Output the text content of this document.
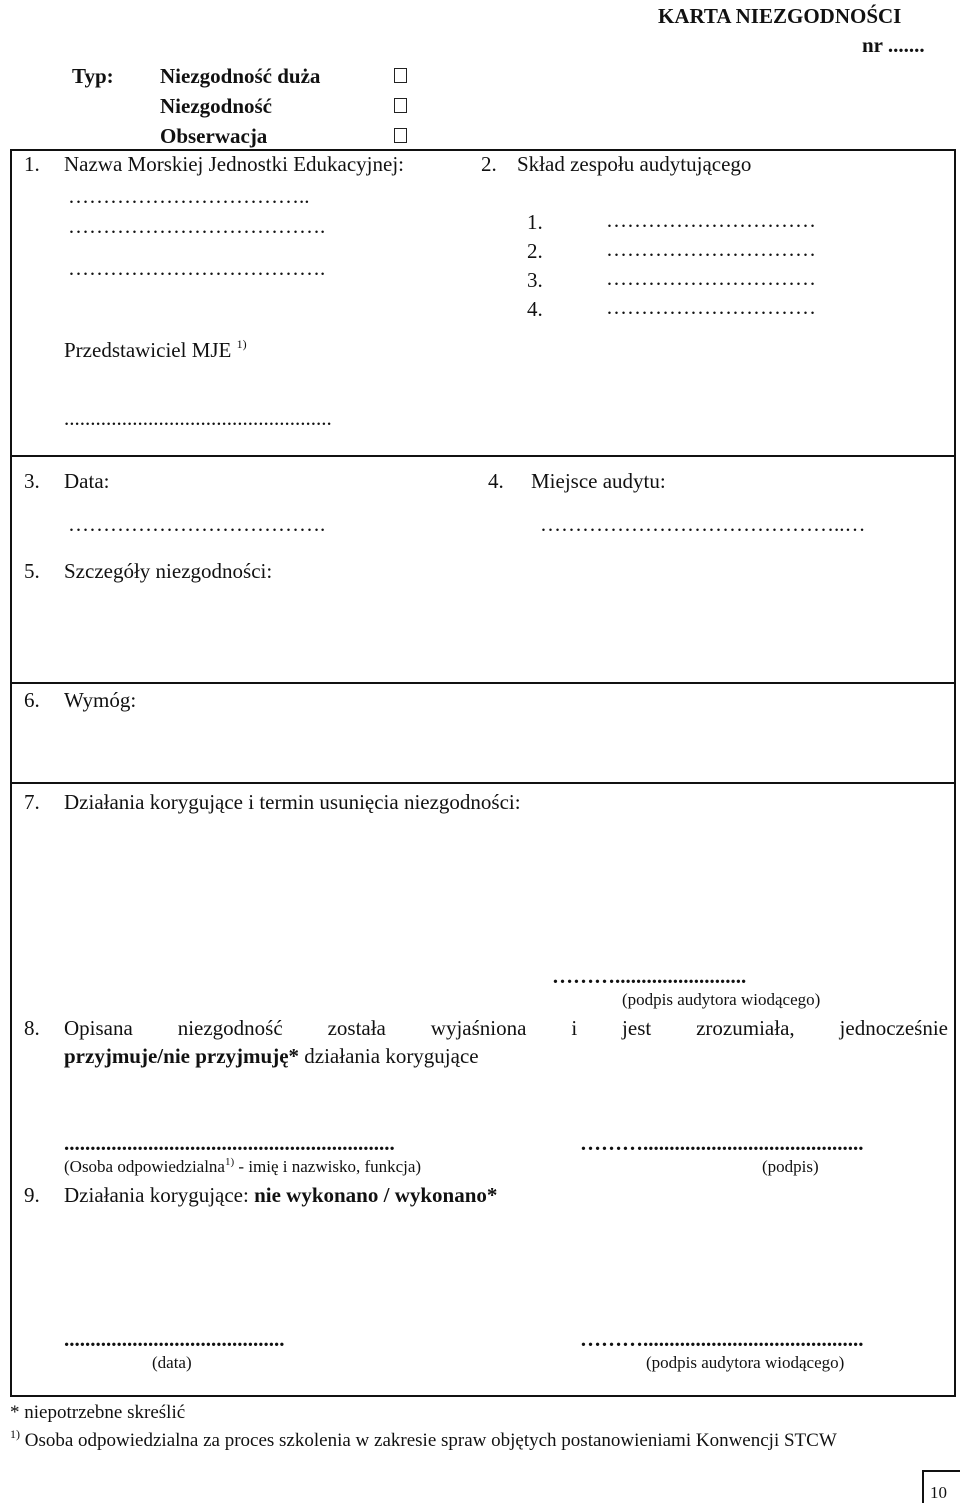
KARTA NIEZGODNOŚCI
nr .......
Typ: Niezgodność duża
Niezgodność
Obserwacja
1. Nazwa Morskiej Jednostki Edukacyjnej:
……………………………..
……………………………….
……………………………….
Przedstawiciel MJE $^{1)}$
...................................................
2. Skład zespołu audytującego
1.	…………………………
2.	…………………………
3.	…………………………
4.	…………………………
3. Data:
……………………………….
4. Miejsce audytu:
……………………………………..…
5. Szczegóły niezgodności:
6. Wymóg:
7. Działania korygujące i termin usunięcia niezgodności:
……….........................
(podpis audytora wiodącego)
8. Opisana niezgodność została wyjaśniona i jest zrozumiała, jednocześnie
przyjmuje/nie przyjmuję* działania korygujące
...............................................................
(Osoba odpowiedzialna$^{1)}$ - imię i nazwisko, funkcja)
………..........................................
(podpis)
9. Działania korygujące: nie wykonano / wykonano*
..........................................
(data)
………..........................................
(podpis audytora wiodącego)
* niepotrzebne skreślić
$^{1)}$ Osoba odpowiedzialna za proces szkolenia w zakresie spraw objętych postanowieniami Konwencji STCW
10
